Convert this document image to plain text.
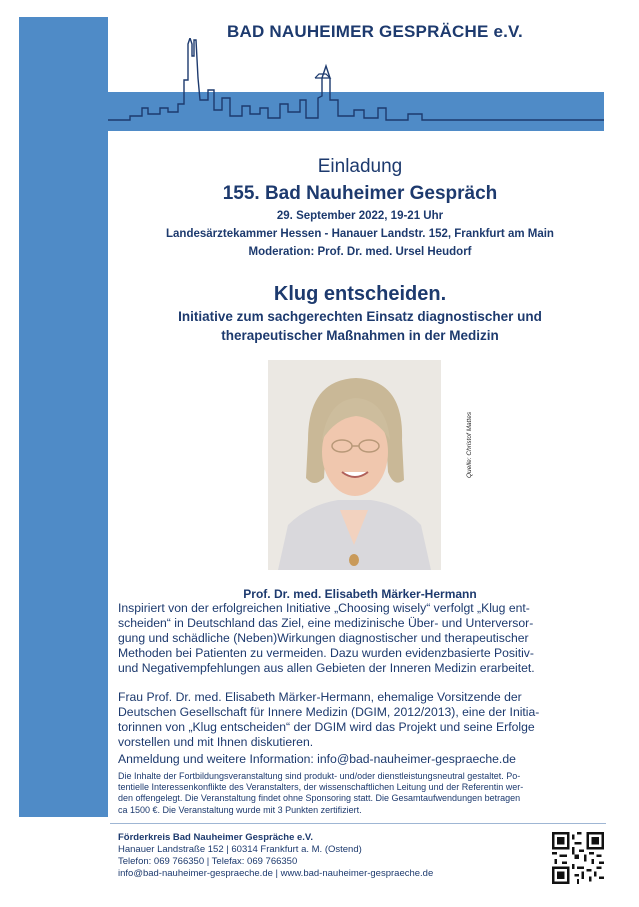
BAD NAUHEIMER GESPRÄCHE e.V.
Einladung
155. Bad Nauheimer Gespräch
29. September 2022, 19-21 Uhr
Landesärztekammer Hessen - Hanauer Landstr. 152, Frankfurt am Main
Moderation: Prof. Dr. med. Ursel Heudorf
Klug entscheiden.
Initiative zum sachgerechten Einsatz diagnostischer und
therapeutischer Maßnahmen in der Medizin
Quelle: Christof Mattes
Prof. Dr. med. Elisabeth Märker-Hermann
Inspiriert von der erfolgreichen Initiative „Choosing wisely“ verfolgt „Klug ent-
scheiden“ in Deutschland das Ziel, eine medizinische Über- und Unterversor-
gung und schädliche (Neben)Wirkungen diagnostischer und therapeutischer
Methoden bei Patienten zu vermeiden. Dazu wurden evidenzbasierte Positiv-
und Negativempfehlungen aus allen Gebieten der Inneren Medizin erarbeitet.
Frau Prof. Dr. med. Elisabeth Märker-Hermann, ehemalige Vorsitzende der
Deutschen Gesellschaft für Innere Medizin (DGIM, 2012/2013), eine der Initia-
torinnen von „Klug entscheiden“ der DGIM wird das Projekt und seine Erfolge
vorstellen und mit Ihnen diskutieren.
Anmeldung und weitere Information: info@bad-nauheimer-gespraeche.de
Die Inhalte der Fortbildungsveranstaltung sind produkt- und/oder dienstleistungsneutral gestaltet. Po-
tentielle Interessenkonflikte des Veranstalters, der wissenschaftlichen Leitung und der Referentin wer-
den offengelegt. Die Veranstaltung findet ohne Sponsoring statt. Die Gesamtaufwendungen betragen
ca 1500 €. Die Veranstaltung wurde mit 3 Punkten zertifiziert.
Förderkreis Bad Nauheimer Gespräche e.V.
Hanauer Landstraße 152 | 60314 Frankfurt a. M. (Ostend)
Telefon: 069 766350 | Telefax: 069 766350
info@bad-nauheimer-gespraeche.de | www.bad-nauheimer-gespraeche.de
